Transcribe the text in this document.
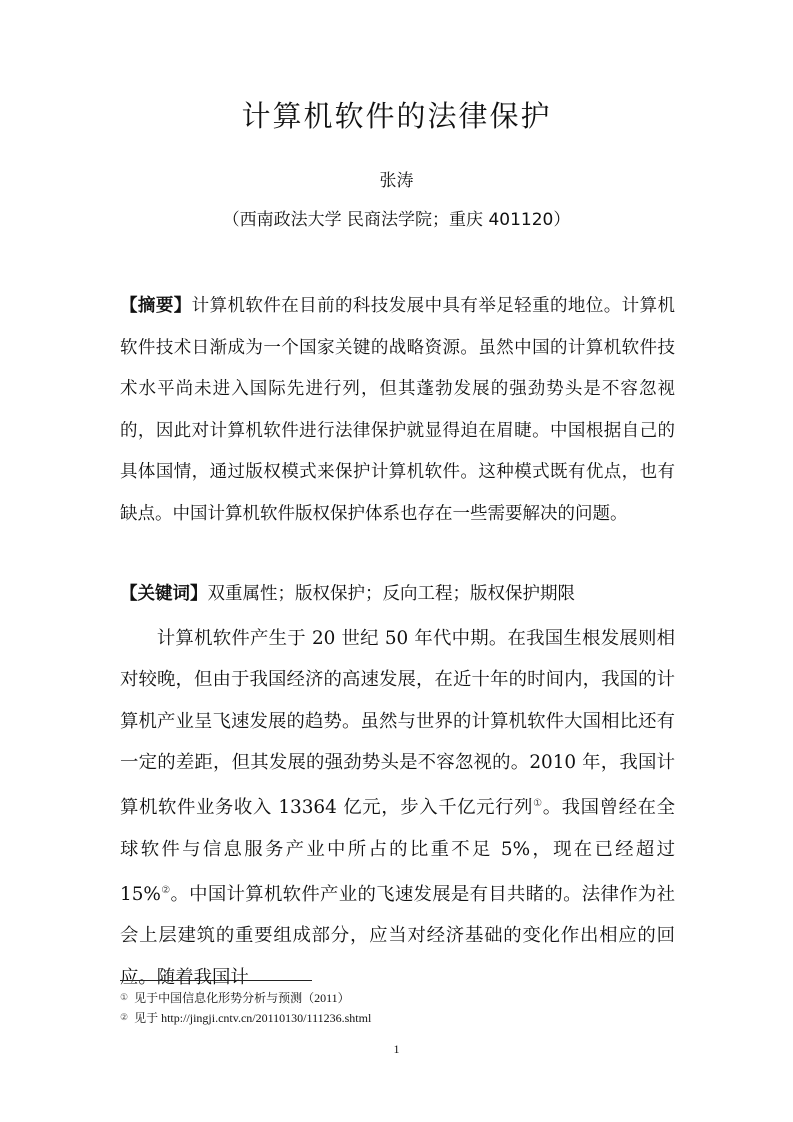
计算机软件的法律保护
张涛
（西南政法大学 民商法学院；重庆 401120）

【摘要】计算机软件在目前的科技发展中具有举足轻重的地位。计算机软件技术日渐成为一个国家关键的战略资源。虽然中国的计算机软件技术水平尚未进入国际先进行列，但其蓬勃发展的强劲势头是不容忽视的，因此对计算机软件进行法律保护就显得迫在眉睫。中国根据自己的具体国情，通过版权模式来保护计算机软件。这种模式既有优点，也有缺点。中国计算机软件版权保护体系也存在一些需要解决的问题。

【关键词】双重属性；版权保护；反向工程；版权保护期限

计算机软件产生于 20 世纪 50 年代中期。在我国生根发展则相对较晚，但由于我国经济的高速发展，在近十年的时间内，我国的计算机产业呈飞速发展的趋势。虽然与世界的计算机软件大国相比还有一定的差距，但其发展的强劲势头是不容忽视的。2010 年，我国计算机软件业务收入 13364 亿元，步入千亿元行列①。我国曾经在全球软件与信息服务产业中所占的比重不足 5%，现在已经超过 15%②。中国计算机软件产业的飞速发展是有目共睹的。法律作为社会上层建筑的重要组成部分，应当对经济基础的变化作出相应的回应。随着我国计

① 见于中国信息化形势分析与预测（2011）
② 见于 http://jingji.cntv.cn/20110130/111236.shtml
1
